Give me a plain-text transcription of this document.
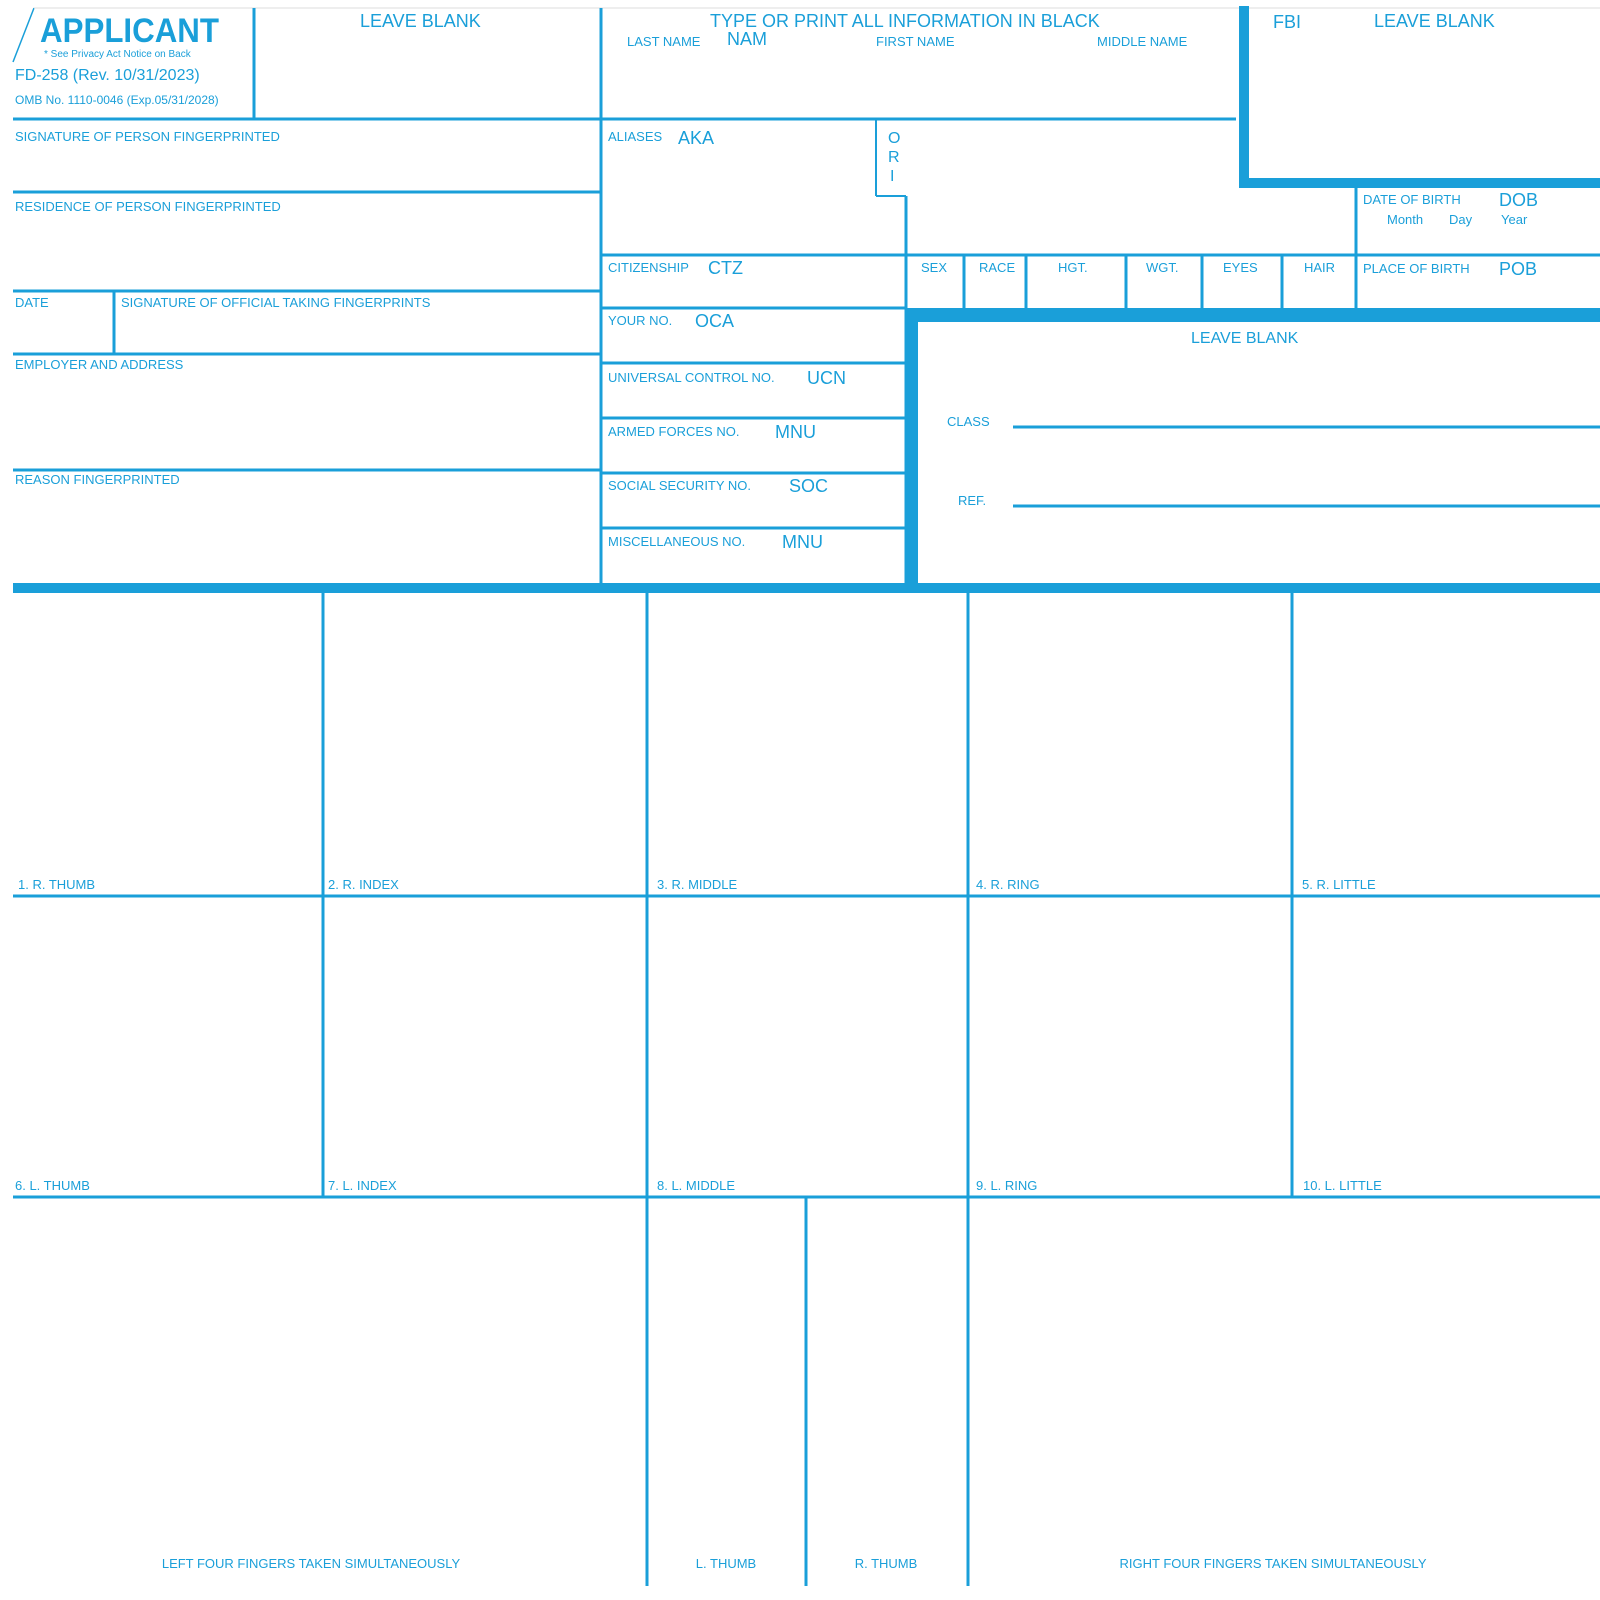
APPLICANT
* See Privacy Act Notice on Back
FD-258 (Rev. 10/31/2023)
OMB No. 1110-0046 (Exp.05/31/2028)
LEAVE BLANK	TYPE OR PRINT ALL INFORMATION IN BLACK
LAST NAME NAM	FIRST NAME	MIDDLE NAME
FBI	LEAVE BLANK
SIGNATURE OF PERSON FINGERPRINTED
RESIDENCE OF PERSON FINGERPRINTED
DATE	SIGNATURE OF OFFICIAL TAKING FINGERPRINTS
EMPLOYER AND ADDRESS
REASON FINGERPRINTED
ALIASES AKA	O
R
I
CITIZENSHIP CTZ
YOUR NO. OCA
UNIVERSAL CONTROL NO. UCN
ARMED FORCES NO. MNU
SOCIAL SECURITY NO. SOC
MISCELLANEOUS NO. MNU
DATE OF BIRTH DOB
Month Day Year
SEX RACE	HGT.	WGT.	EYES	HAIR PLACE OF BIRTH POB
LEAVE BLANK
CLASS
REF.
1. R. THUMB	2. R. INDEX	3. R. MIDDLE	4. R. RING	5. R. LITTLE
6. L. THUMB	7. L. INDEX	8. L. MIDDLE	9. L. RING	10. L. LITTLE
LEFT FOUR FINGERS TAKEN SIMULTANEOUSLY	L. THUMB	R. THUMB	RIGHT FOUR FINGERS TAKEN SIMULTANEOUSLY
